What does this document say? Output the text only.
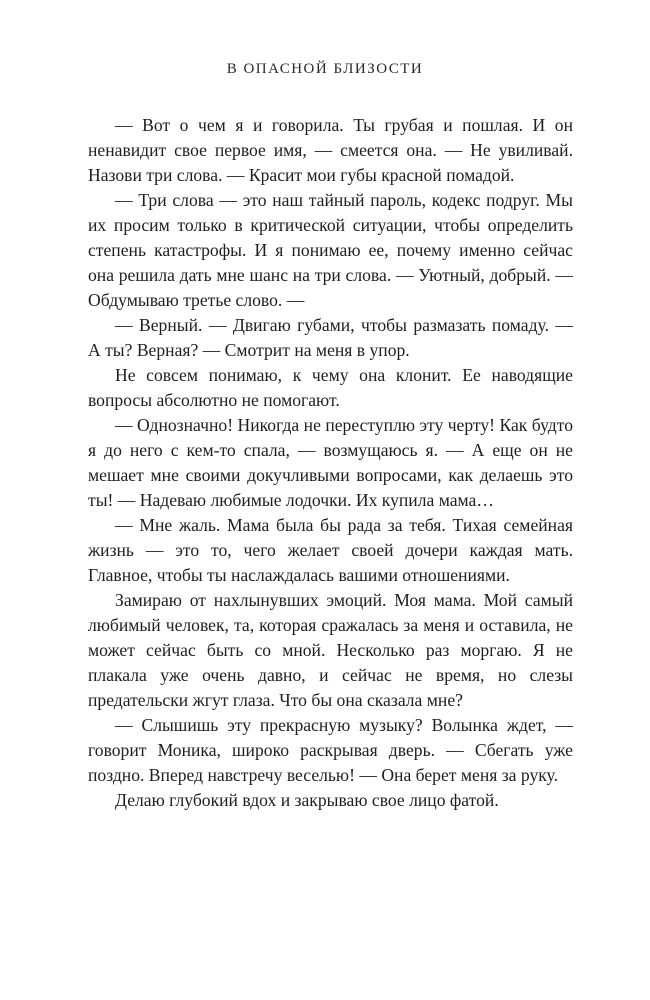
В ОПАСНОЙ БЛИЗОСТИ

— Вот о чем я и говорила. Ты грубая и пошлая. И он ненавидит свое первое имя, — смеется она. — Не увиливай. Назови три слова. — Красит мои губы красной помадой.

— Три слова — это наш тайный пароль, кодекс подруг. Мы их просим только в критической ситуации, чтобы определить степень катастрофы. И я понимаю ее, почему именно сейчас она решила дать мне шанс на три слова. — Уютный, добрый. — Обдумываю третье слово. —

— Верный. — Двигаю губами, чтобы размазать помаду. — А ты? Верная? — Смотрит на меня в упор.

Не совсем понимаю, к чему она клонит. Ее наводящие вопросы абсолютно не помогают.

— Однозначно! Никогда не переступлю эту черту! Как будто я до него с кем-то спала, — возмущаюсь я. — А еще он не мешает мне своими докучливыми вопросами, как делаешь это ты! — Надеваю любимые лодочки. Их купила мама…

— Мне жаль. Мама была бы рада за тебя. Тихая семейная жизнь — это то, чего желает своей дочери каждая мать. Главное, чтобы ты наслаждалась вашими отношениями.

Замираю от нахлынувших эмоций. Моя мама. Мой самый любимый человек, та, которая сражалась за меня и оставила, не может сейчас быть со мной. Несколько раз моргаю. Я не плакала уже очень давно, и сейчас не время, но слезы предательски жгут глаза. Что бы она сказала мне?

— Слышишь эту прекрасную музыку? Волынка ждет, — говорит Моника, широко раскрывая дверь. — Сбегать уже поздно. Вперед навстречу веселью! — Она берет меня за руку.

Делаю глубокий вдох и закрываю свое лицо фатой.
